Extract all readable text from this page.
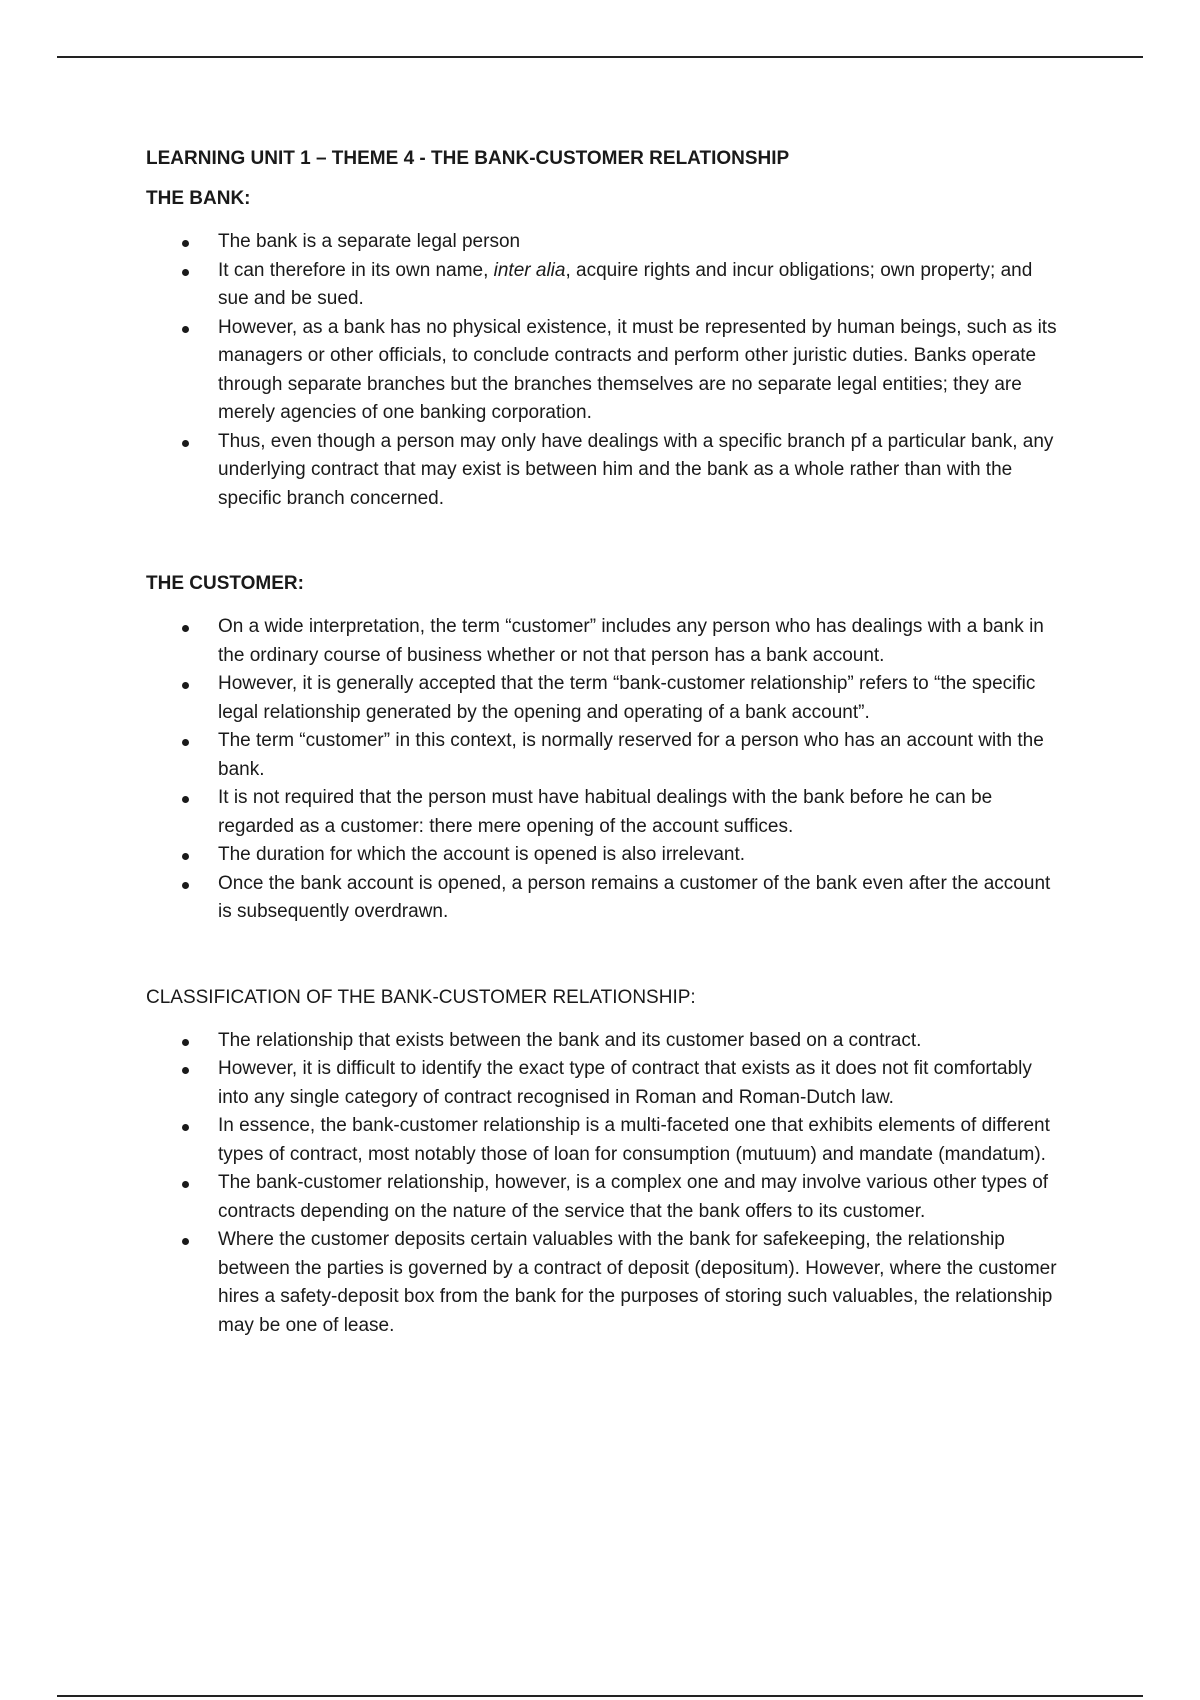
LEARNING UNIT 1 – THEME 4 - THE BANK-CUSTOMER RELATIONSHIP
THE BANK:
The bank is a separate legal person
It can therefore in its own name, inter alia, acquire rights and incur obligations; own property; and sue and be sued.
However, as a bank has no physical existence, it must be represented by human beings, such as its managers or other officials, to conclude contracts and perform other juristic duties. Banks operate through separate branches but the branches themselves are no separate legal entities; they are merely agencies of one banking corporation.
Thus, even though a person may only have dealings with a specific branch pf a particular bank, any underlying contract that may exist is between him and the bank as a whole rather than with the specific branch concerned.
THE CUSTOMER:
On a wide interpretation, the term “customer” includes any person who has dealings with a bank in the ordinary course of business whether or not that person has a bank account.
However, it is generally accepted that the term “bank-customer relationship” refers to “the specific legal relationship generated by the opening and operating of a bank account”.
The term “customer” in this context, is normally reserved for a person who has an account with the bank.
It is not required that the person must have habitual dealings with the bank before he can be regarded as a customer: there mere opening of the account suffices.
The duration for which the account is opened is also irrelevant.
Once the bank account is opened, a person remains a customer of the bank even after the account is subsequently overdrawn.
CLASSIFICATION OF THE BANK-CUSTOMER RELATIONSHIP:
The relationship that exists between the bank and its customer based on a contract.
However, it is difficult to identify the exact type of contract that exists as it does not fit comfortably into any single category of contract recognised in Roman and Roman-Dutch law.
In essence, the bank-customer relationship is a multi-faceted one that exhibits elements of different types of contract, most notably those of loan for consumption (mutuum) and mandate (mandatum).
The bank-customer relationship, however, is a complex one and may involve various other types of contracts depending on the nature of the service that the bank offers to its customer.
Where the customer deposits certain valuables with the bank for safekeeping, the relationship between the parties is governed by a contract of deposit (depositum). However, where the customer hires a safety-deposit box from the bank for the purposes of storing such valuables, the relationship may be one of lease.
